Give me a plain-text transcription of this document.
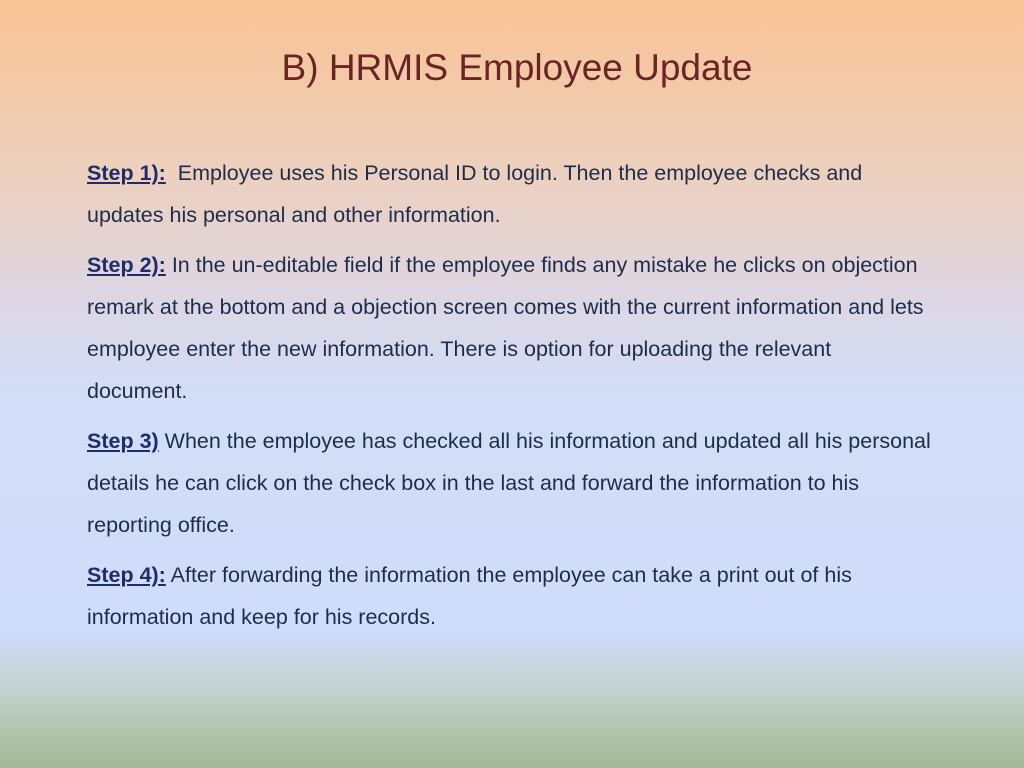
B) HRMIS Employee Update

Step 1): Employee uses his Personal ID to login. Then the employee checks and updates his personal and other information.

Step 2): In the un-editable field if the employee finds any mistake he clicks on objection remark at the bottom and a objection screen comes with the current information and lets employee enter the new information. There is option for uploading the relevant document.

Step 3) When the employee has checked all his information and updated all his personal details he can click on the check box in the last and forward the information to his reporting office.

Step 4): After forwarding the information the employee can take a print out of his information and keep for his records.
